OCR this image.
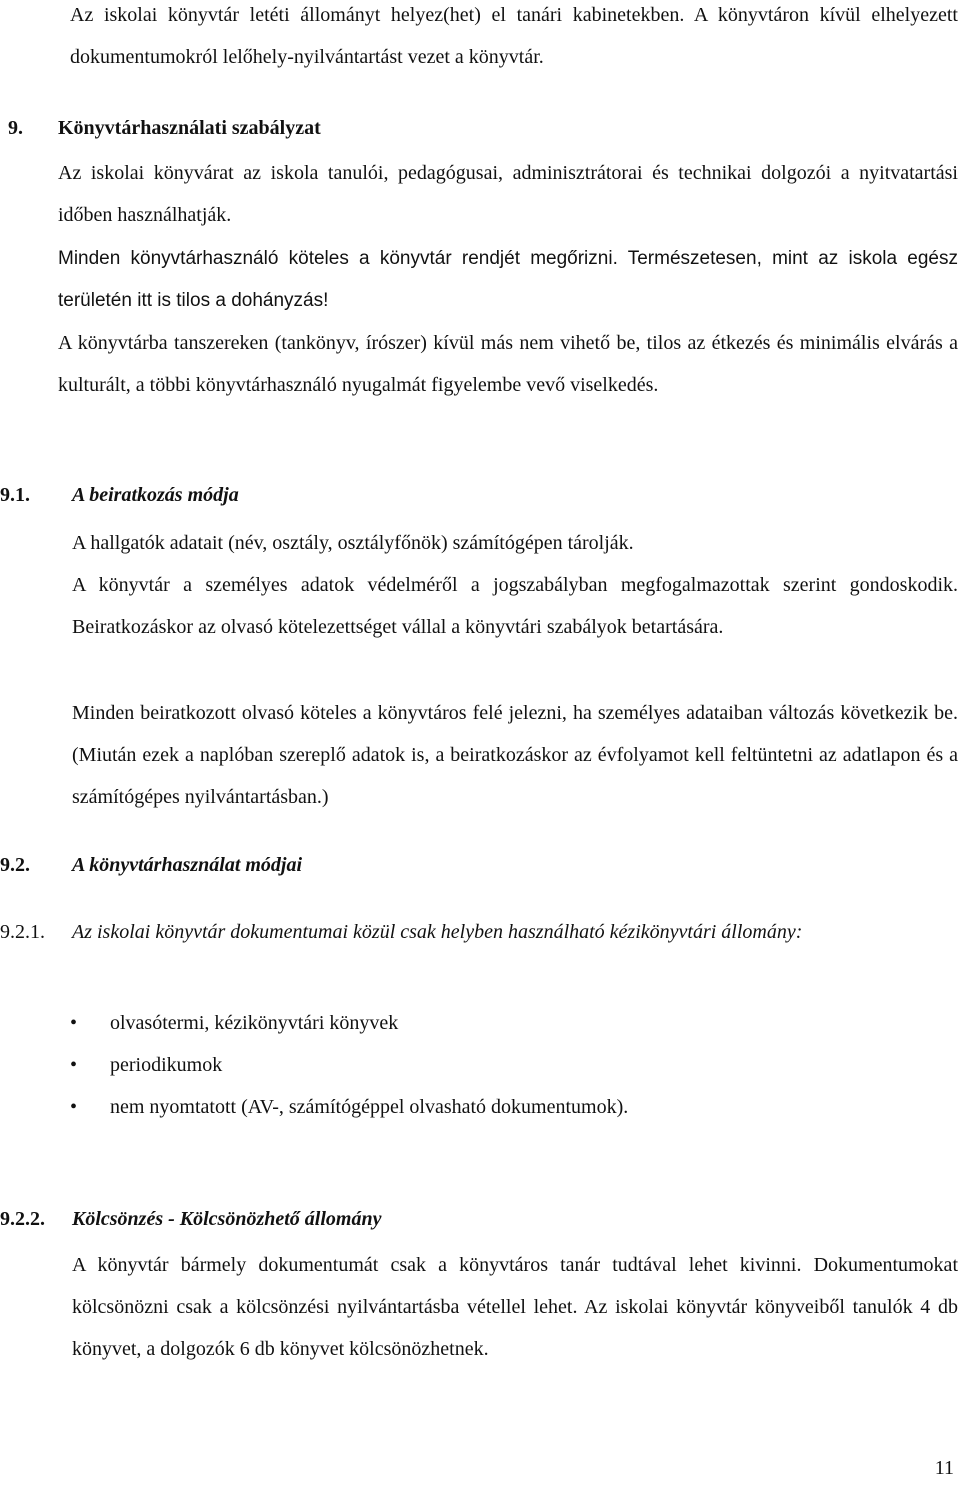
Az iskolai könyvtár letéti állományt helyez(het) el tanári kabinetekben. A könyvtáron kívül elhelyezett dokumentumokról lelőhely-nyilvántartást vezet a könyvtár.

9. Könyvtárhasználati szabályzat

Az iskolai könyvárat az iskola tanulói, pedagógusai, adminisztrátorai és technikai dolgozói a nyitvatartási időben használhatják.

Minden könyvtárhasználó köteles a könyvtár rendjét megőrizni. Természetesen, mint az iskola egész területén itt is tilos a dohányzás!

A könyvtárba tanszereken (tankönyv, írószer) kívül más nem vihető be, tilos az étkezés és minimális elvárás a kulturált, a többi könyvtárhasználó nyugalmát figyelembe vevő viselkedés.

9.1. A beiratkozás módja

A hallgatók adatait (név, osztály, osztályfőnök) számítógépen tárolják.

A könyvtár a személyes adatok védelméről a jogszabályban megfogalmazottak szerint gondoskodik. Beiratkozáskor az olvasó kötelezettséget vállal a könyvtári szabályok betartására.

Minden beiratkozott olvasó köteles a könyvtáros felé jelezni, ha személyes adataiban változás következik be. (Miután ezek a naplóban szereplő adatok is, a beiratkozáskor az évfolyamot kell feltüntetni az adatlapon és a számítógépes nyilvántartásban.)

9.2. A könyvtárhasználat módjai
9.2.1. Az iskolai könyvtár dokumentumai közül csak helyben használható kézikönyvtári állomány:
• olvasótermi, kézikönyvtári könyvek
• periodikumok
• nem nyomtatott (AV-, számítógéppel olvasható dokumentumok).
9.2.2. Kölcsönzés - Kölcsönözhető állomány

A könyvtár bármely dokumentumát csak a könyvtáros tanár tudtával lehet kivinni. Dokumentumokat kölcsönözni csak a kölcsönzési nyilvántartásba vétellel lehet. Az iskolai könyvtár könyveiből tanulók 4 db könyvet, a dolgozók 6 db könyvet kölcsönözhetnek.

11
